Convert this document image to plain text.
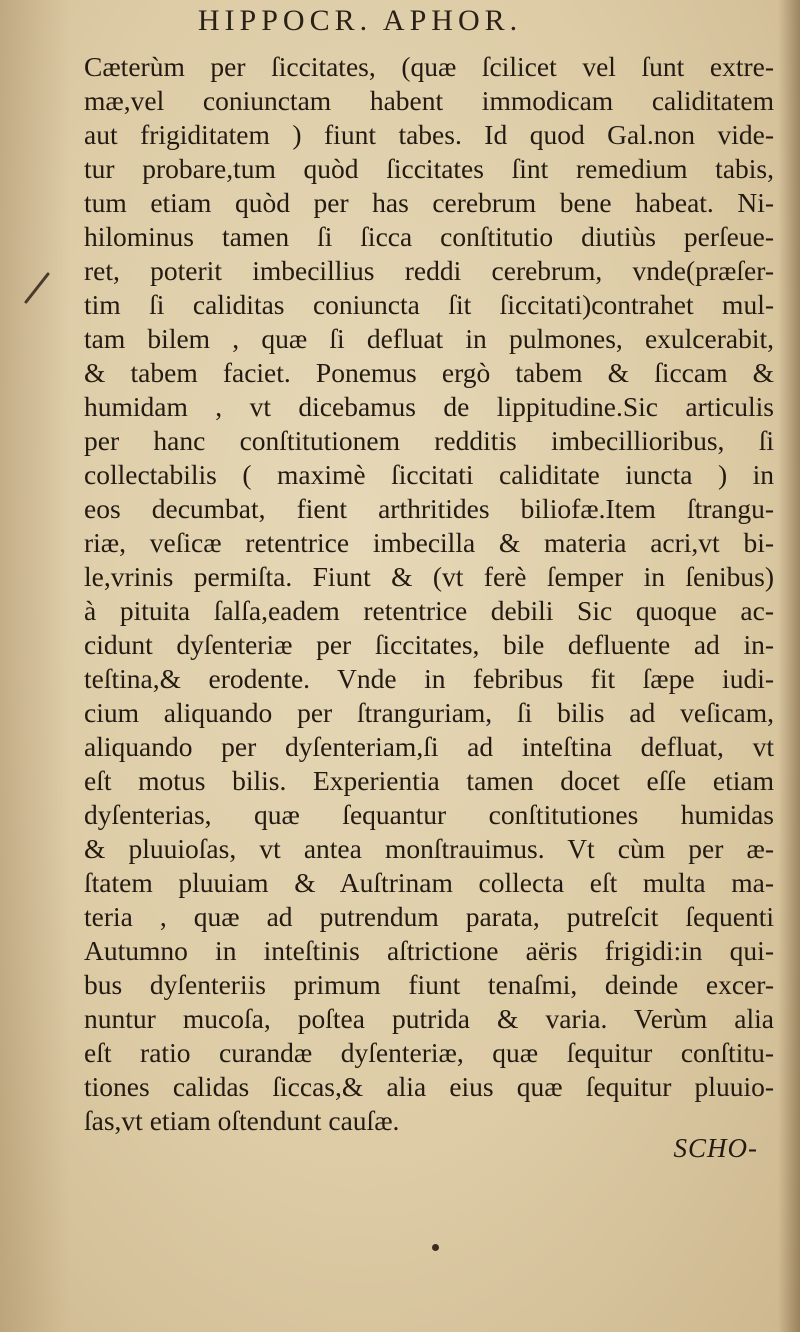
HIPPOCR. APHOR.
Cæterùm per ſiccitates, (quæ ſcilicet vel ſunt extre-
mæ,vel coniunctam habent immodicam caliditatem
aut frigiditatem ) fiunt tabes. Id quod Gal.non vide-
tur probare,tum quòd ſiccitates ſint remedium tabis,
tum etiam quòd per has cerebrum bene habeat. Ni-
hilominus tamen ſi ſicca conſtitutio diutiùs perſeue-
ret, poterit imbecillius reddi cerebrum, vnde(præſer-
tim ſi caliditas coniuncta ſit ſiccitati)contrahet mul-
tam bilem , quæ ſi defluat in pulmones, exulcerabit,
& tabem faciet. Ponemus ergò tabem & ſiccam &
humidam , vt dicebamus de lippitudine.Sic articulis
per hanc conſtitutionem redditis imbecillioribus, ſi
collectabilis ( maximè ſiccitati caliditate iuncta ) in
eos decumbat, fient arthritides biliofæ.Item ſtrangu-
riæ, veſicæ retentrice imbecilla & materia acri,vt bi-
le,vrinis permiſta. Fiunt & (vt ferè ſemper in ſenibus)
à pituita ſalſa,eadem retentrice debili Sic quoque ac-
cidunt dyſenteriæ per ſiccitates, bile defluente ad in-
teſtina,& erodente. Vnde in febribus fit ſæpe iudi-
cium aliquando per ſtranguriam, ſi bilis ad veſicam,
aliquando per dyſenteriam,ſi ad inteſtina defluat, vt
eſt motus bilis. Experientia tamen docet eſſe etiam
dyſenterias, quæ ſequantur conſtitutiones humidas
& pluuioſas, vt antea monſtrauimus. Vt cùm per æ-
ſtatem pluuiam & Auſtrinam collecta eſt multa ma-
teria , quæ ad putrendum parata, putreſcit ſequenti
Autumno in inteſtinis aſtrictione aëris frigidi:in qui-
bus dyſenteriis primum fiunt tenaſmi, deinde excer-
nuntur mucoſa, poſtea putrida & varia. Verùm alia
eſt ratio curandæ dyſenteriæ, quæ ſequitur conſtitu-
tiones calidas ſiccas,& alia eius quæ ſequitur pluuio-
ſas,vt etiam oſtendunt cauſæ.
SCHO-
